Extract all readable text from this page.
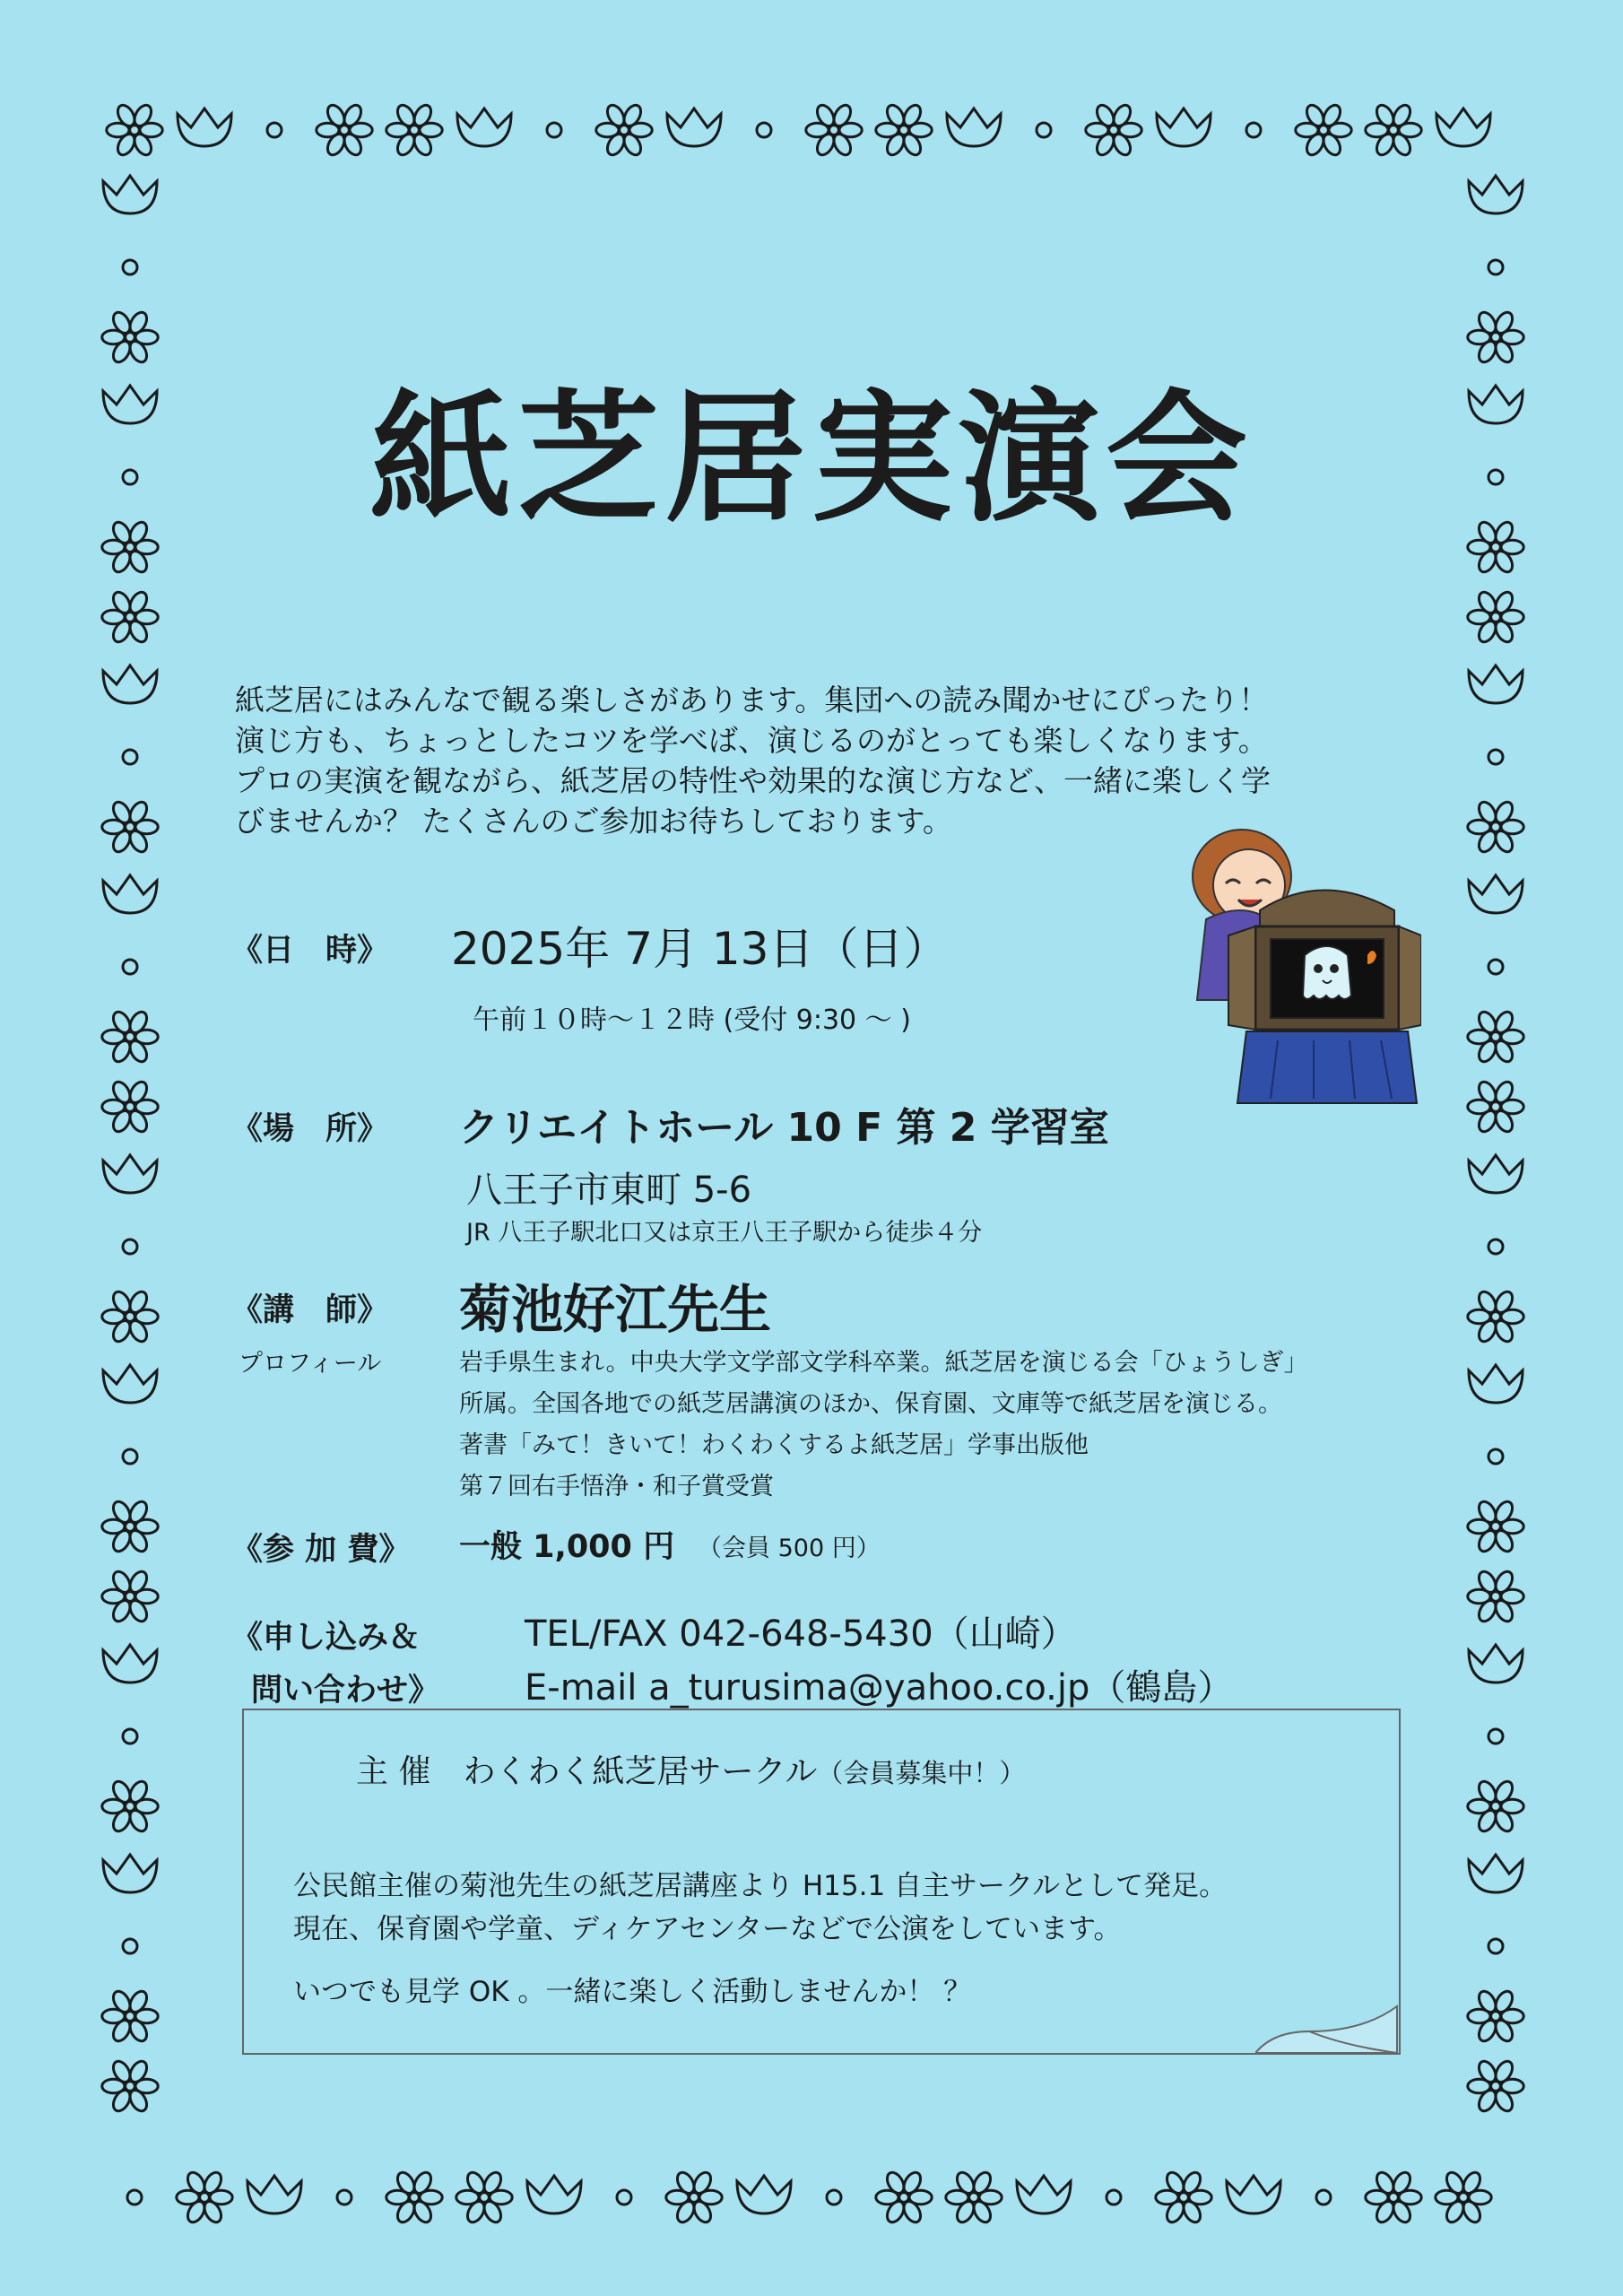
紙芝居実演会
紙芝居にはみんなで観る楽しさがあります。集団への読み聞かせにぴったり！
演じ方も、ちょっとしたコツを学べば、演じるのがとっても楽しくなります。
プロの実演を観ながら、紙芝居の特性や効果的な演じ方など、一緒に楽しく学
びませんか？ たくさんのご参加お待ちしております。
《日　時》 2025年 7月 13日（日）
午前１０時～１２時 (受付 9:30 ～ )
《場　所》 クリエイトホール 10 F 第 2 学習室
八王子市東町 5-6
JR 八王子駅北口又は京王八王子駅から徒歩４分
《講　師》 菊池好江先生
プロフィール	岩手県生まれ。中央大学文学部文学科卒業。紙芝居を演じる会「ひょうしぎ」
所属。全国各地での紙芝居講演のほか、保育園、文庫等で紙芝居を演じる。
著書「みて！きいて！わくわくするよ紙芝居」学事出版他
第７回右手悟浄・和子賞受賞
《参 加 費》 一般 1,000 円 （会員 500 円）
《申し込み＆
問い合わせ》
TEL/FAX 042-648-5430（山崎）
E-mail a_turusima@yahoo.co.jp（鶴島）
主 催　わくわく紙芝居サークル（会員募集中！）
公民館主催の菊池先生の紙芝居講座より H15.1 自主サークルとして発足。
現在、保育園や学童、ディケアセンターなどで公演をしています。
いつでも見学 OK 。一緒に楽しく活動しませんか！ ？
